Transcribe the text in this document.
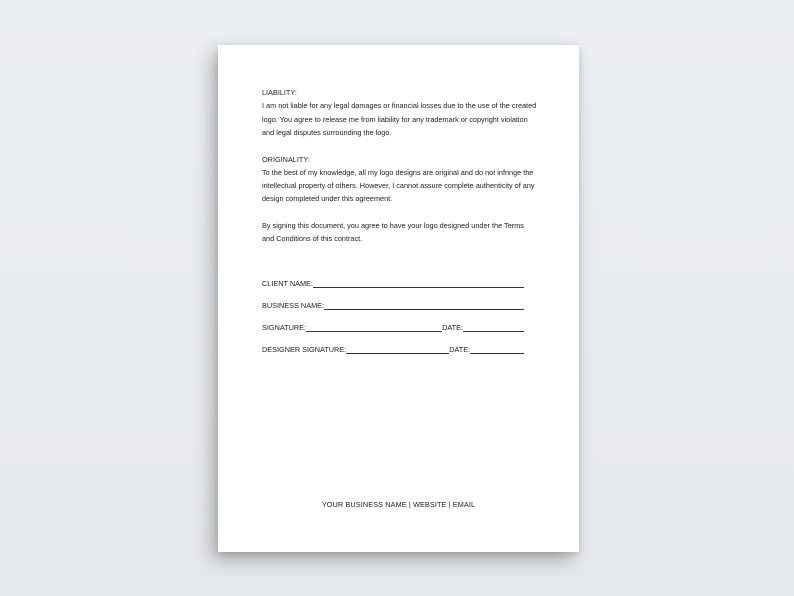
LIABILITY:
I am not liable for any legal damages or financial losses due to the use of the created logo. You agree to release me from liability for any trademark or copyright violation and legal disputes surrounding the logo.

ORIGINALITY:
To the best of my knowledge, all my logo designs are original and do not infringe the intellectual property of others. However, I cannot assure complete authenticity of any design completed under this agreement.

By signing this document, you agree to have your logo designed under the Terms and Conditions of this contract.

CLIENT NAME:
BUSINESS NAME:
SIGNATURE:	DATE:
DESIGNER SIGNATURE:	DATE:
YOUR BUSINESS NAME | WEBSITE | EMAIL
